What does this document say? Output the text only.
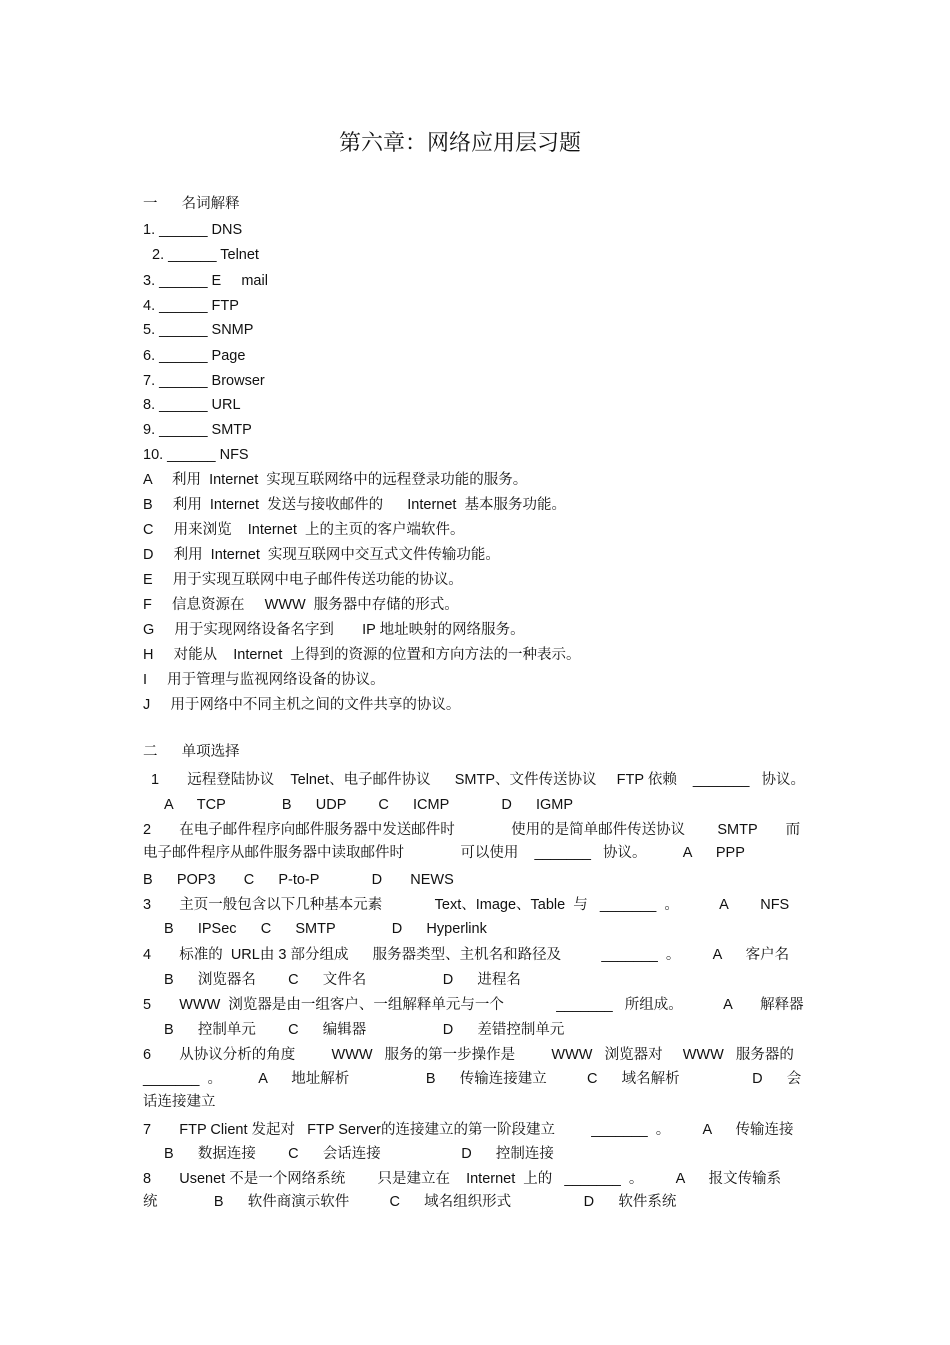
第六章：网络应用层习题
一      名词解释
1. ______ DNS
2. ______ Telnet
3. ______ E     mail
4. ______ FTP
5. ______ SNMP
6. ______ Page
7. ______ Browser
8. ______ URL
9. ______ SMTP
10. ______ NFS
A     利用  Internet  实现互联网络中的远程登录功能的服务。
B     利用  Internet  发送与接收邮件的      Internet  基本服务功能。
C     用来浏览    Internet  上的主页的客户端软件。
D     利用  Internet  实现互联网中交互式文件传输功能。
E     用于实现互联网中电子邮件传送功能的协议。
F     信息资源在     WWW  服务器中存储的形式。
G     用于实现网络设备名字到       IP 地址映射的网络服务。
H     对能从    Internet  上得到的资源的位置和方向方法的一种表示。
I     用于管理与监视网络设备的协议。
J     用于网络中不同主机之间的文件共享的协议。
二      单项选择
1       远程登陆协议    Telnet、电子邮件协议      SMTP、文件传送协议     FTP 依赖    _______   协议。
A      TCP              B      UDP        C      ICMP             D      IGMP
2       在电子邮件程序向邮件服务器中发送邮件时              使用的是简单邮件传送协议        SMTP       而
电子邮件程序从邮件服务器中读取邮件时              可以使用    _______   协议。         A      PPP
B      POP3       C      P-to-P             D       NEWS
3       主页一般包含以下几种基本元素             Text、Image、Table  与   _______  。          A        NFS
B      IPSec      C      SMTP              D      Hyperlink
4       标准的  URL由 3 部分组成      服务器类型、主机名和路径及          _______  。        A      客户名
B      浏览器名        C      文件名                   D      进程名
5       WWW  浏览器是由一组客户、一组解释单元与一个             _______   所组成。          A       解释器
B      控制单元        C      编辑器                   D      差错控制单元
6       从协议分析的角度         WWW   服务的第一步操作是         WWW   浏览器对     WWW   服务器的
_______  。         A      地址解析                   B      传输连接建立          C      域名解析                  D      会
话连接建立
7       FTP Client 发起对   FTP Server的连接建立的第一阶段建立         _______  。        A      传输连接
B      数据连接        C      会话连接                    D      控制连接
8       Usenet 不是一个网络系统        只是建立在    Internet  上的   _______  。        A      报文传输系
统              B      软件商演示软件          C      域名组织形式                  D      软件系统
